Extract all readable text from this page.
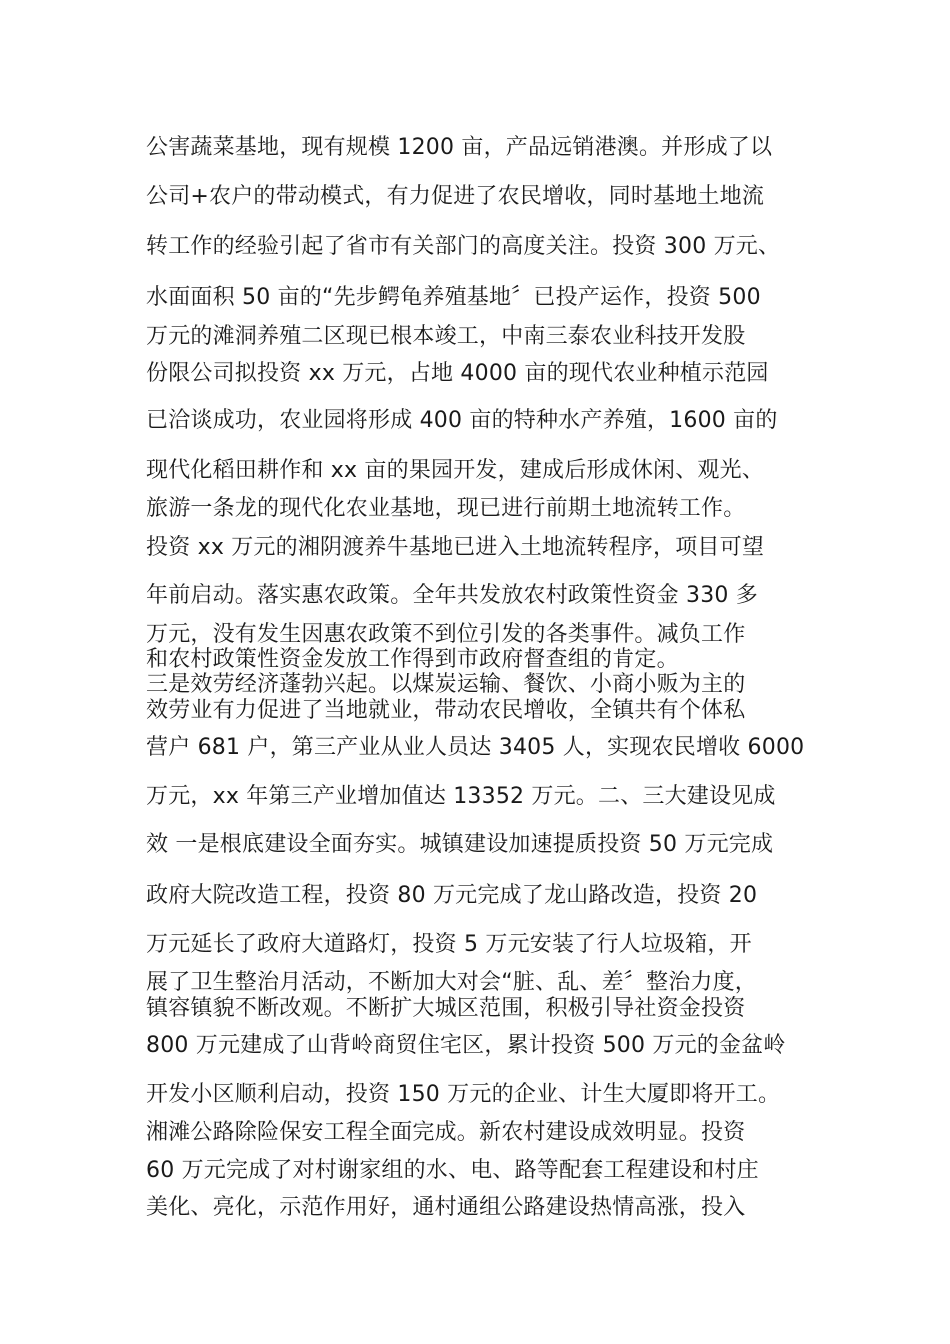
公害蔬菜基地，现有规模 1200 亩，产品远销港澳。并形成了以
公司+农户的带动模式，有力促进了农民增收，同时基地土地流
转工作的经验引起了省市有关部门的高度关注。投资 300 万元、
水面面积 50 亩的“先步鳄龟养殖基地〞已投产运作，投资 500
万元的滩洞养殖二区现已根本竣工，中南三泰农业科技开发股
份限公司拟投资 xx 万元，占地 4000 亩的现代农业种植示范园
已洽谈成功，农业园将形成 400 亩的特种水产养殖，1600 亩的
现代化稻田耕作和 xx 亩的果园开发，建成后形成休闲、观光、
旅游一条龙的现代化农业基地，现已进行前期土地流转工作。
投资 xx 万元的湘阴渡养牛基地已进入土地流转程序，项目可望
年前启动。落实惠农政策。全年共发放农村政策性资金 330 多
万元，没有发生因惠农政策不到位引发的各类事件。减负工作
和农村政策性资金发放工作得到市政府督查组的肯定。
三是效劳经济蓬勃兴起。以煤炭运输、餐饮、小商小贩为主的
效劳业有力促进了当地就业，带动农民增收，全镇共有个体私
营户 681 户，第三产业从业人员达 3405 人，实现农民增收 6000
万元，xx 年第三产业增加值达 13352 万元。二、三大建设见成
效 一是根底建设全面夯实。城镇建设加速提质投资 50 万元完成
政府大院改造工程，投资 80 万元完成了龙山路改造，投资 20
万元延长了政府大道路灯，投资 5 万元安装了行人垃圾箱，开
展了卫生整治月活动，不断加大对会“脏、乱、差〞整治力度，
镇容镇貌不断改观。不断扩大城区范围，积极引导社资金投资
800 万元建成了山背岭商贸住宅区，累计投资 500 万元的金盆岭
开发小区顺利启动，投资 150 万元的企业、计生大厦即将开工。
湘滩公路除险保安工程全面完成。新农村建设成效明显。投资
60 万元完成了对村谢家组的水、电、路等配套工程建设和村庄
美化、亮化，示范作用好，通村通组公路建设热情高涨，投入
